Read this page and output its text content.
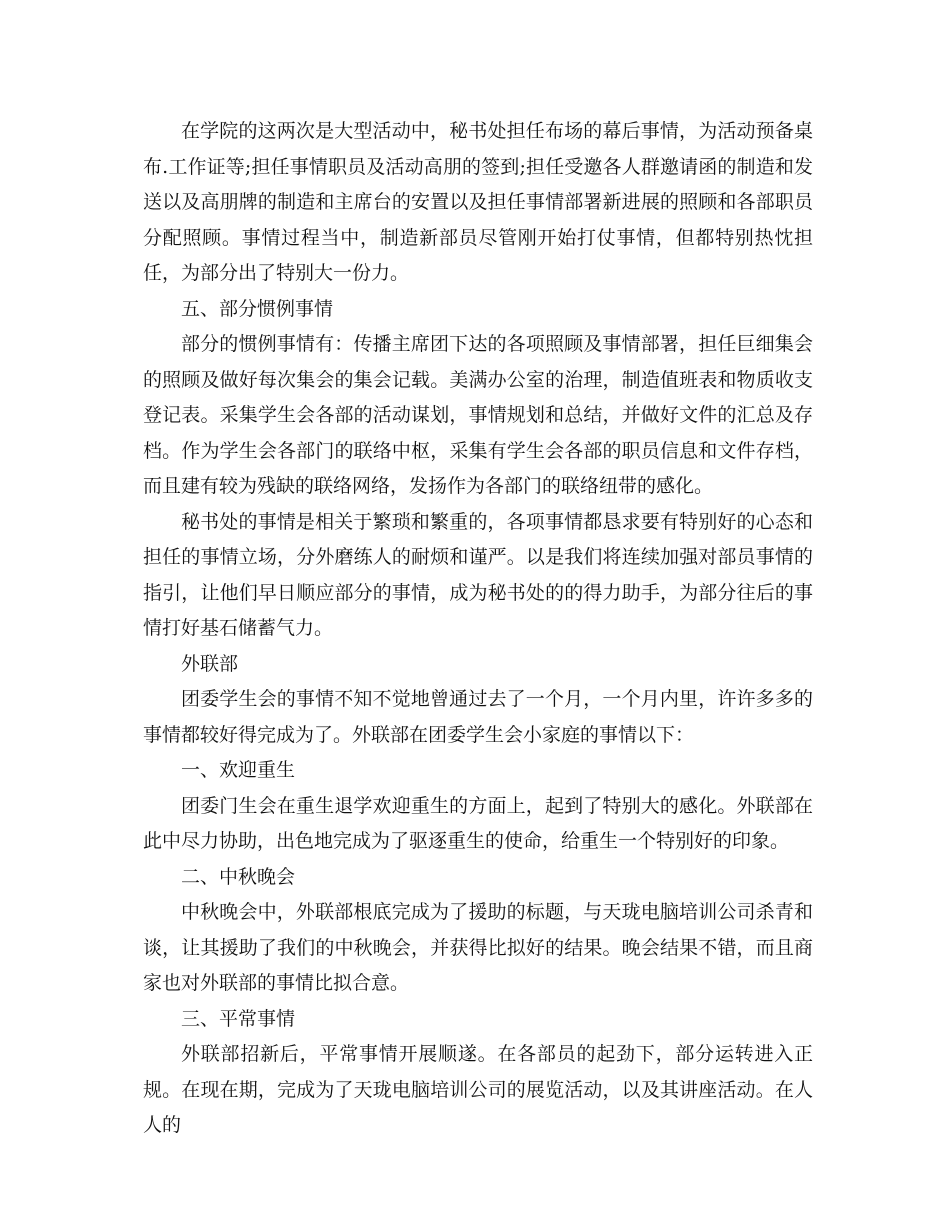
在学院的这两次是大型活动中，秘书处担任布场的幕后事情，为活动预备桌布.工作证等;担任事情职员及活动高朋的签到;担任受邀各人群邀请函的制造和发送以及高朋牌的制造和主席台的安置以及担任事情部署新进展的照顾和各部职员分配照顾。事情过程当中，制造新部员尽管刚开始打仗事情，但都特别热忱担任，为部分出了特别大一份力。

五、部分惯例事情

部分的惯例事情有：传播主席团下达的各项照顾及事情部署，担任巨细集会的照顾及做好每次集会的集会记载。美满办公室的治理，制造值班表和物质收支登记表。采集学生会各部的活动谋划，事情规划和总结，并做好文件的汇总及存档。作为学生会各部门的联络中枢，采集有学生会各部的职员信息和文件存档，而且建有较为残缺的联络网络，发扬作为各部门的联络纽带的感化。

秘书处的事情是相关于繁琐和繁重的，各项事情都恳求要有特别好的心态和担任的事情立场，分外磨练人的耐烦和谨严。以是我们将连续加强对部员事情的指引，让他们早日顺应部分的事情，成为秘书处的的得力助手，为部分往后的事情打好基石储蓄气力。

外联部

团委学生会的事情不知不觉地曾通过去了一个月，一个月内里，许许多多的事情都较好得完成为了。外联部在团委学生会小家庭的事情以下：

一、欢迎重生

团委门生会在重生退学欢迎重生的方面上，起到了特别大的感化。外联部在此中尽力协助，出色地完成为了驱逐重生的使命，给重生一个特别好的印象。

二、中秋晚会

中秋晚会中，外联部根底完成为了援助的标题，与天珑电脑培训公司杀青和谈，让其援助了我们的中秋晚会，并获得比拟好的结果。晚会结果不错，而且商家也对外联部的事情比拟合意。

三、平常事情

外联部招新后，平常事情开展顺遂。在各部员的起劲下，部分运转进入正规。在现在期，完成为了天珑电脑培训公司的展览活动，以及其讲座活动。在人人的
